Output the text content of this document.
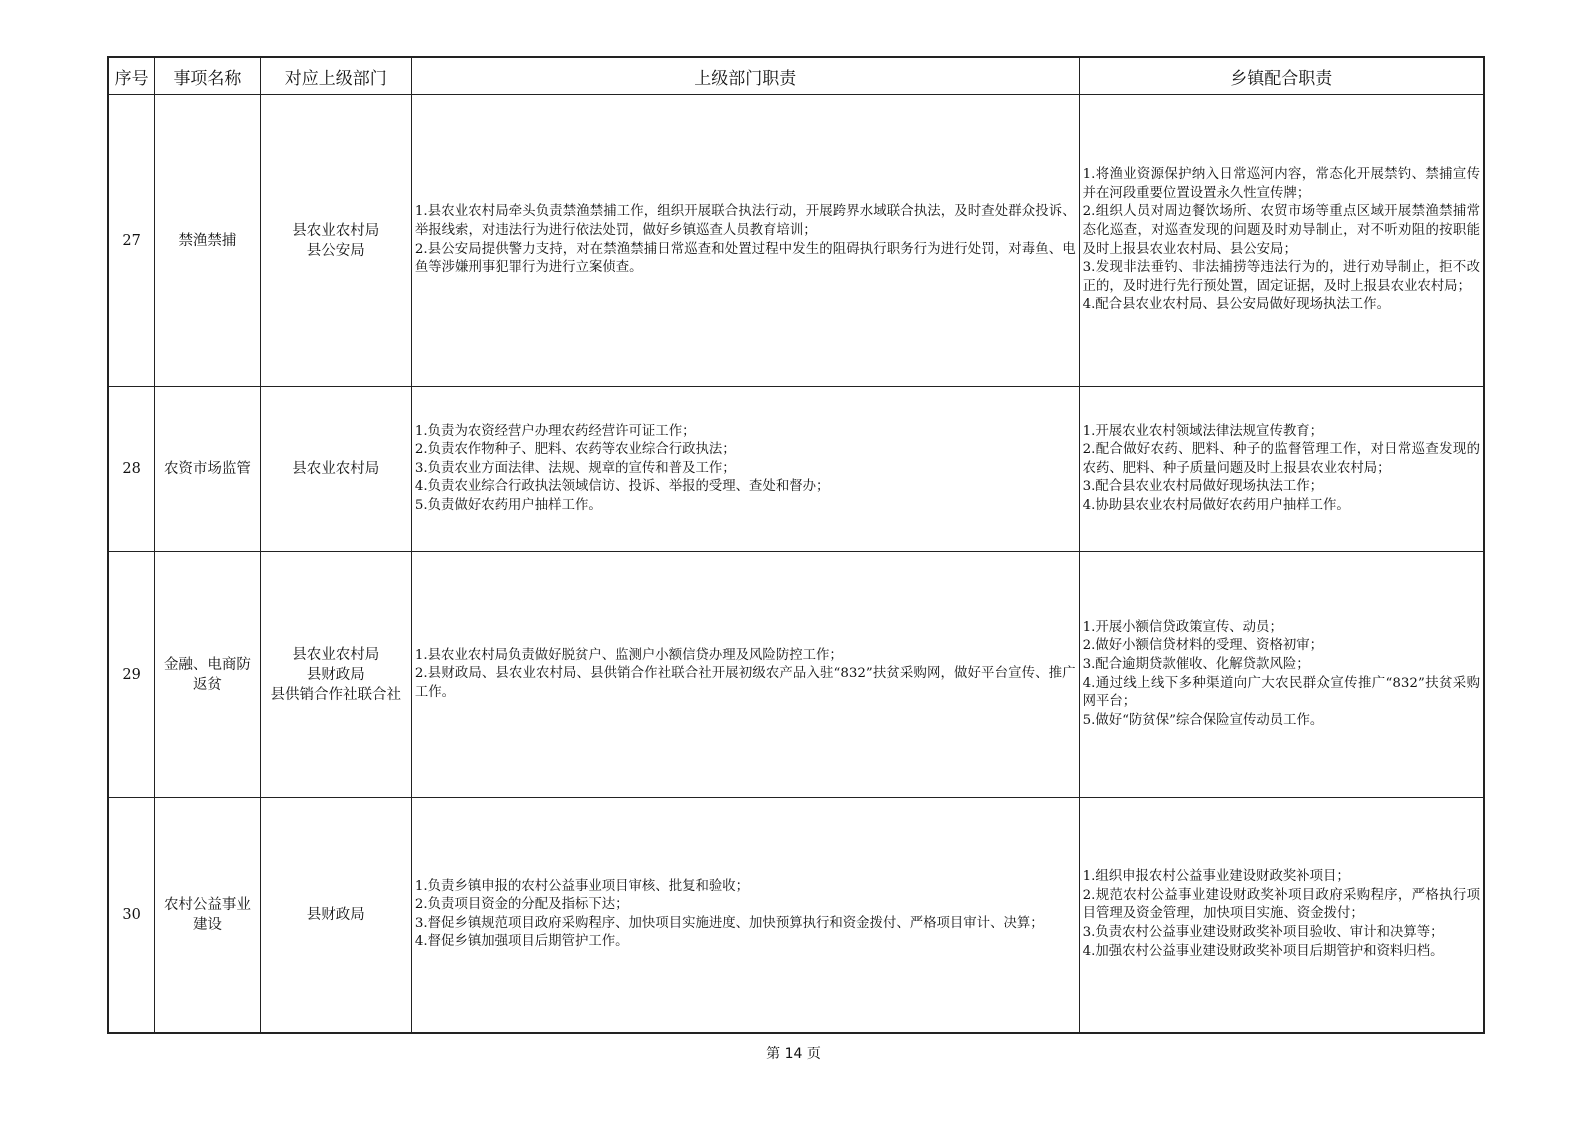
序号	事项名称	对应上级部门	上级部门职责	乡镇配合职责
27	禁渔禁捕	县农业农村局
县公安局	1.县农业农村局牵头负责禁渔禁捕工作，组织开展联合执法行动，开展跨界水域联合执法，及时查处群众投诉、举报线索，对违法行为进行依法处罚，做好乡镇巡查人员教育培训；
2.县公安局提供警力支持，对在禁渔禁捕日常巡查和处置过程中发生的阻碍执行职务行为进行处罚，对毒鱼、电鱼等涉嫌刑事犯罪行为进行立案侦查。	1.将渔业资源保护纳入日常巡河内容，常态化开展禁钓、禁捕宣传并在河段重要位置设置永久性宣传牌；
2.组织人员对周边餐饮场所、农贸市场等重点区域开展禁渔禁捕常态化巡查，对巡查发现的问题及时劝导制止，对不听劝阻的按职能及时上报县农业农村局、县公安局；
3.发现非法垂钓、非法捕捞等违法行为的，进行劝导制止，拒不改正的，及时进行先行预处置，固定证据，及时上报县农业农村局；
4.配合县农业农村局、县公安局做好现场执法工作。
28	农资市场监管	县农业农村局	1.负责为农资经营户办理农药经营许可证工作；
2.负责农作物种子、肥料、农药等农业综合行政执法；
3.负责农业方面法律、法规、规章的宣传和普及工作；
4.负责农业综合行政执法领域信访、投诉、举报的受理、查处和督办；
5.负责做好农药用户抽样工作。	1.开展农业农村领域法律法规宣传教育；
2.配合做好农药、肥料、种子的监督管理工作，对日常巡查发现的农药、肥料、种子质量问题及时上报县农业农村局；
3.配合县农业农村局做好现场执法工作；
4.协助县农业农村局做好农药用户抽样工作。
29	金融、电商防返贫	县农业农村局
县财政局
县供销合作社联合社	1.县农业农村局负责做好脱贫户、监测户小额信贷办理及风险防控工作；
2.县财政局、县农业农村局、县供销合作社联合社开展初级农产品入驻“832”扶贫采购网，做好平台宣传、推广工作。	1.开展小额信贷政策宣传、动员；
2.做好小额信贷材料的受理、资格初审；
3.配合逾期贷款催收、化解贷款风险；
4.通过线上线下多种渠道向广大农民群众宣传推广“832”扶贫采购网平台；
5.做好“防贫保”综合保险宣传动员工作。
30	农村公益事业建设	县财政局	1.负责乡镇申报的农村公益事业项目审核、批复和验收；
2.负责项目资金的分配及指标下达；
3.督促乡镇规范项目政府采购程序、加快项目实施进度、加快预算执行和资金拨付、严格项目审计、决算；
4.督促乡镇加强项目后期管护工作。	1.组织申报农村公益事业建设财政奖补项目；
2.规范农村公益事业建设财政奖补项目政府采购程序，严格执行项目管理及资金管理，加快项目实施、资金拨付；
3.负责农村公益事业建设财政奖补项目验收、审计和决算等；
4.加强农村公益事业建设财政奖补项目后期管护和资料归档。
第 14 页
